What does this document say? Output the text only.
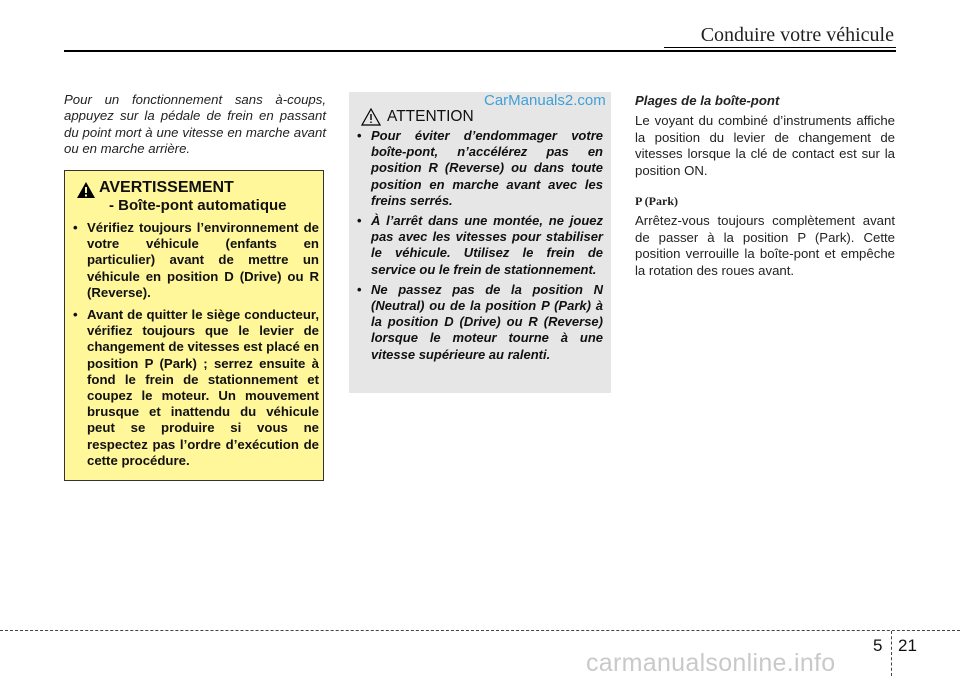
Conduire votre véhicule
Pour un fonctionnement sans à-coups, appuyez sur la pédale de frein en passant du point mort à une vitesse en marche avant ou en marche arrière.
AVERTISSEMENT
- Boîte-pont automatique
• Vérifiez toujours l’environnement de votre véhicule (enfants en particulier) avant de mettre un véhicule en position D (Drive) ou R (Reverse).
• Avant de quitter le siège conducteur, vérifiez toujours que le levier de changement de vitesses est placé en position P (Park) ; serrez ensuite à fond le frein de stationnement et coupez le moteur. Un mouvement brusque et inattendu du véhicule peut se produire si vous ne respectez pas l’ordre d’exécution de cette procédure.
CarManuals2.com
ATTENTION
• Pour éviter d’endommager votre boîte-pont, n’accélérez pas en position R (Reverse) ou dans toute position en marche avant avec les freins serrés.
• À l’arrêt dans une montée, ne jouez pas avec les vitesses pour stabiliser le véhicule. Utilisez le frein de service ou le frein de stationnement.
• Ne passez pas de la position N (Neutral) ou de la position P (Park) à la position D (Drive) ou R (Reverse) lorsque le moteur tourne à une vitesse supérieure au ralenti.
Plages de la boîte-pont

Le voyant du combiné d’instruments affiche la position du levier de changement de vitesses lorsque la clé de contact est sur la position ON.

P (Park)

Arrêtez-vous toujours complètement avant de passer à la position P (Park). Cette position verrouille la boîte-pont et empêche la rotation des roues avant.

5 21
carmanualsonline.info
